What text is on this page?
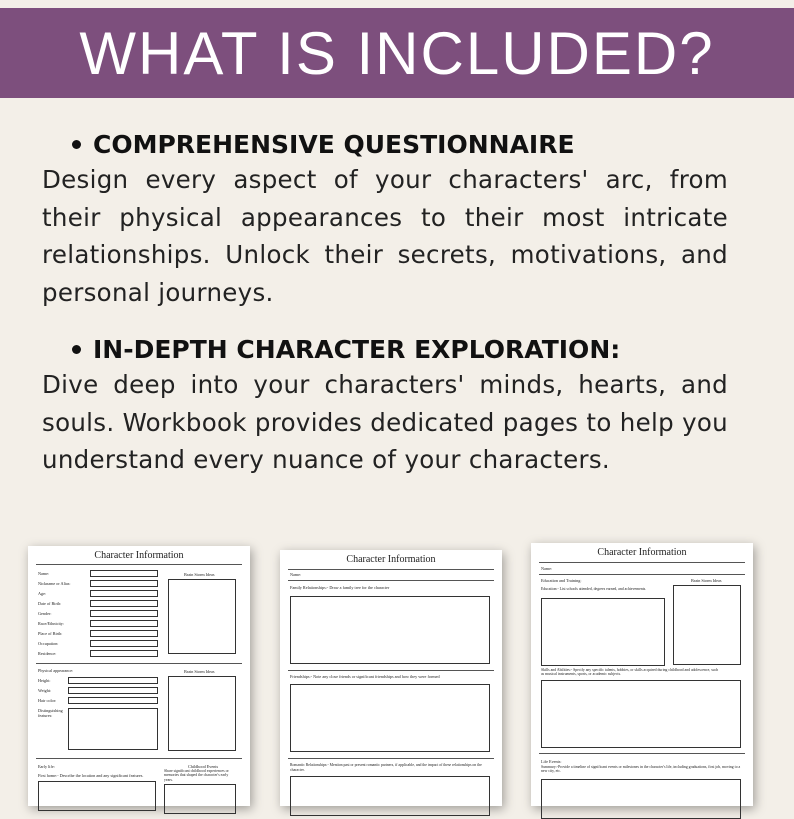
WHAT IS INCLUDED?
COMPREHENSIVE QUESTIONNAIRE
Design every aspect of your characters' arc, from their physical appearances to their most intricate relationships. Unlock their secrets, motivations, and personal journeys.
IN-DEPTH CHARACTER EXPLORATION:
Dive deep into your characters' minds, hearts, and souls. Workbook provides dedicated pages to help you understand every nuance of your characters.
Character Information
Name:
Nickname or Alias:
Age:
Date of Birth:
Gender:
Race/Ethnicity:
Place of Birth:
Occupation:
Residence:
Brain Storm Ideas
Physical appearance:	Brain Storm Ideas
Height:
Weight:
Hair color:
Distinguishing features:
Early life:	Childhood Events
Share significant childhood experiences or memories that shaped the character's early years.
First home:- Describe the location and any significant features.
Character Information
Name:
Family Relationships:- Draw a family tree for the character
Friendships:- Note any close friends or significant friendships and how they were formed
Romantic Relationships:- Mention past or present romantic partners, if applicable, and the impact of these relationships on the character.
Character Information
Name:
Education and Training:	Brain Storm Ideas
Education:- List schools attended, degrees earned, and achievements.
Skills and Abilities:- Specify any specific talents, hobbies, or skills acquired during childhood and adolescence, such as musical instruments, sports, or academic subjects.
Life Events:
Summary:-Provide a timeline of significant events or milestones in the character's life, including graduations, first job, moving to a new city, etc.
